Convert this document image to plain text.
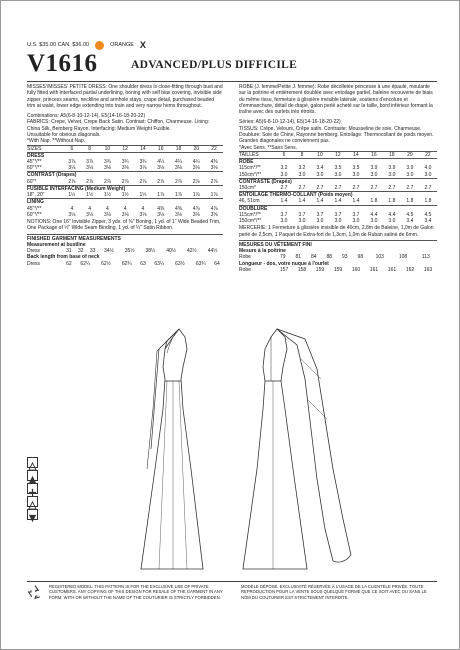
U.S. $35.00 CAN. $36.00	ORANGE X
V1616	ADVANCED/PLUS DIFFICILE
MISSES'/MISSES' PETITE DRESS: One shoulder dress is close-fitting through bust and fully fitted with interfaced partial underlining, boning with self bias covering, invisible side zipper, princess seams, neckline and armhole stays, crape detail, purchased beaded trim at waist, lower edge extending into train and very narrow hems throughout.
Combinations: A5(6-8-10-12-14), E5(14-16-18-20-22)
FABRICS: Crepe, Velvet, Crepe Back Satin. Contrast: Chiffon, Charmeuse. Lining: China Silk, Bemberg Rayon. Interfacing: Medium Weight Fusible.
Unsuitable for obvious diagonals.
*With Nap. **Without Nap.
SIZES	6	8	10	12	14	16	18	20	22
DRESS									
45"*/**	3⅞	3⅞	3¾	3¾	3¾	4¼	4¼	4¼	4⅜
60"*/**	3⅛	3⅛	3⅛	3⅛	3⅛	3⅛	3⅛	3⅛	3⅛
CONTRAST (Drapes)									
60"*	2⅞	2⅞	2⅞	2⅞	2⅞	2⅞	2⅞	2⅞	2⅞
FUSIBLE INTERFACING (Medium Weight)									
18", 20"	1½	1½	1½	1½	1½	1⅞	1⅞	1⅞	1⅞
LINING									
45"*/**	4	4	4	4	4	4⅜	4⅜	4⅞	4⅞
60"*/**	3⅛	3⅛	3⅛	3⅛	3⅛	3⅛	3⅛	3⅛	3⅝
NOTIONS: One 16" Invisible Zipper, 3 yds. of ⅜" Boning, 1 yd. of 1" Wide Beaded Trim, One Package of ½" Wide Seam Binding, 1 yd. of ¼" Satin Ribbon.
FINISHED GARMENT MEASUREMENTS
Measurement at bustline
Dress	31	32	33	34½	35½	38½	40½	42½	44½
Back length from base of neck
Dress	62	62¼	62½	62¾	63	63¼	63½	63¾	64
ROBE (J. femme/Petite J. femme): Robe décolletée princesse à une épaule, moulante sur la poitrine et entièrement doublée avec entoilage partiel, baleine recouverte de biais du même tissu, fermeture à glissière invisible latérale, soutiens d'encolure et d'emmanchure, détail de drapé, galon perlé acheté sur la taille, bord inférieur formant la traîne avec des ourlets très étroits.
Séries: A5(6-8-10-12-14), E5(14-16-18-20-22)
TISSUS: Crêpe, Velours, Crêpe satin. Contraste: Mousseline de soie, Charmeuse. Doublure: Soie de Chine, Rayonne bemberg. Entoilage: Thermocollant de poids moyen.
Grandes diagonales ne conviennent pas.
*Avec Sens. **Sans Sens.
TAILLES	6	8	10	12	14	16	18	20	22
ROBE									
115cm*/**	3.2	3.2	3.4	3.5	3.5	3.9	3.9	3.9	4.0
150cm*/**	3.0	3.0	3.0	3.0	3.0	3.0	3.0	3.0	3.0
CONTRASTE (Drapés)									
150cm*	2.7	2.7	2.7	2.7	2.7	2.7	2.7	2.7	2.7
ENTOILAGE THERMO-COLLANT (Poids moyen)									
46, 51cm	1.4	1.4	1.4	1.4	1.4	1.8	1.8	1.8	1.8
DOUBLURE									
115cm*/**	3.7	3.7	3.7	3.7	3.7	4.4	4.4	4.5	4.5
150cm*/**	3.0	3.0	3.0	3.0	3.0	3.0	3.0	3.4	3.4
MERCERIE: 1 Fermeture à glissière invisible de 40cm, 2,8m de Baleine, 1,0m de Galon perlé de 2,5cm, 1 Paquet de Extra-fort de 1,3cm, 1,0m de Ruban satiné de 6mm.
MESURES DU VÊTEMENT FINI
Mesure à la poitrine
Robe	79	81	84	88	93	98	103	108	113
Longueur - dos, votre nuque à l'ourlet
Robe	157	158	159	159	160	161	161	162	163
REGISTERED MODEL: THIS PATTERN IS FOR THE EXCLUSIVE USE OF PRIVATE CUSTOMERS. ANY COPYING OF THIS DESIGN FOR RESALE OF THE GARMENT IN ANY FORM, WITH OR WITHOUT THE NAME OF THE COUTURIER IS STRICTLY FORBIDDEN.
MODÈLE DÉPOSÉ. EXCLUSIVITÉ RÉSERVÉE À L'USAGE DE LA CLIENTÈLE PRIVÉE. TOUTE REPRODUCTION POUR LA VENTE SOUS QUELQUE FORME QUE CE SOIT AVEC OU SANS LE NOM DU COUTURIER EST STRICTEMENT INTERDITE.
